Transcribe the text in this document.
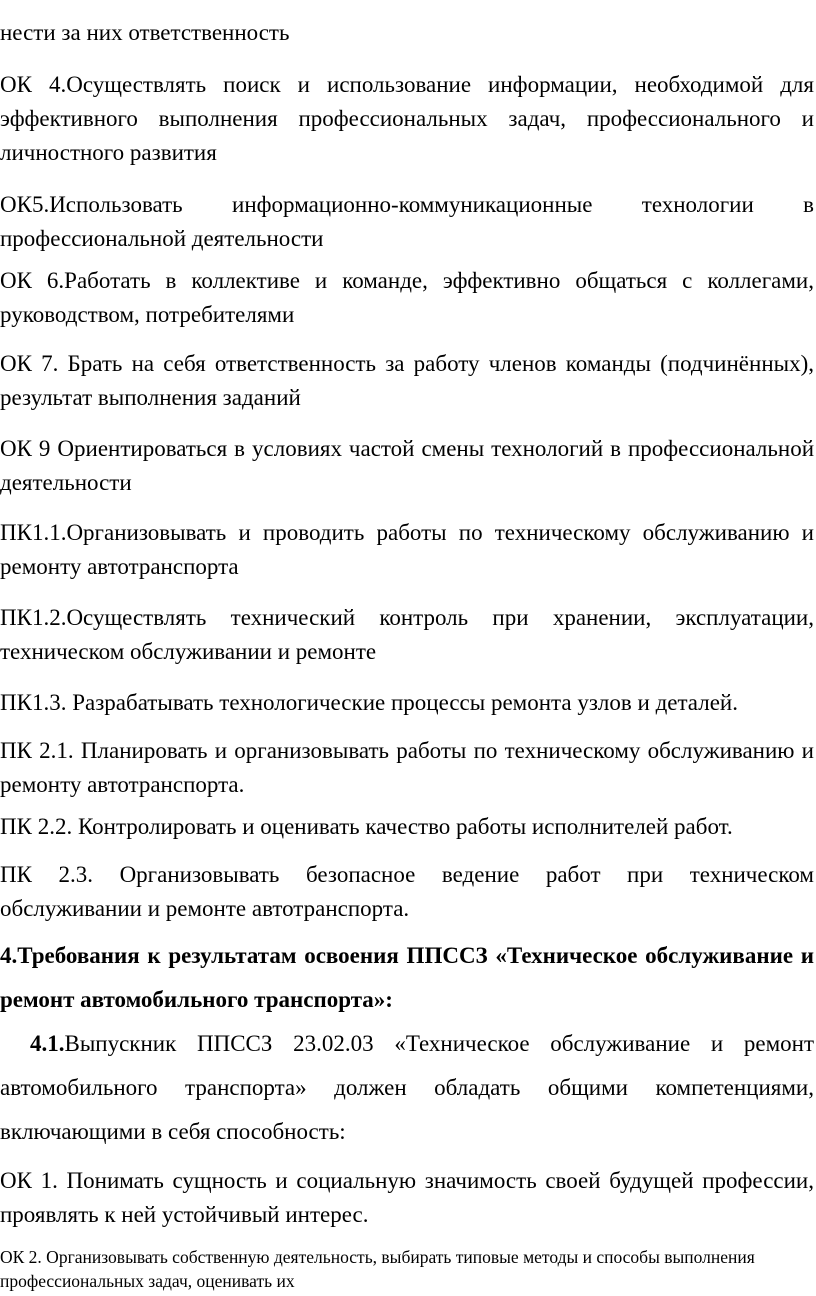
нести за них ответственность

ОК 4.Осуществлять поиск и использование информации, необходимой для эффективного выполнения профессиональных задач, профессионального и личностного развития

ОК5.Использовать информационно-коммуникационные технологии в профессиональной деятельности

ОК 6.Работать в коллективе и команде, эффективно общаться с коллегами, руководством, потребителями

ОК 7. Брать на себя ответственность за работу членов команды (подчинённых), результат выполнения заданий

ОК 9 Ориентироваться в условиях частой смены технологий в профессиональной деятельности

ПК1.1.Организовывать и проводить работы по техническому обслуживанию и ремонту автотранспорта

ПК1.2.Осуществлять технический контроль при хранении, эксплуатации, техническом обслуживании и ремонте

ПК1.3. Разрабатывать технологические процессы ремонта узлов и деталей.

ПК 2.1. Планировать и организовывать работы по техническому обслуживанию и ремонту автотранспорта.

ПК 2.2. Контролировать и оценивать качество работы исполнителей работ.

ПК 2.3. Организовывать безопасное ведение работ при техническом обслуживании и ремонте автотранспорта.

4.Требования к результатам освоения ППССЗ «Техническое обслуживание и ремонт автомобильного транспорта»:

4.1.Выпускник ППССЗ 23.02.03 «Техническое обслуживание и ремонт автомобильного транспорта» должен обладать общими компетенциями, включающими в себя способность:

ОК 1. Понимать сущность и социальную значимость своей будущей профессии, проявлять к ней устойчивый интерес.

ОК 2. Организовывать собственную деятельность, выбирать типовые методы и способы выполнения профессиональных задач, оценивать их
